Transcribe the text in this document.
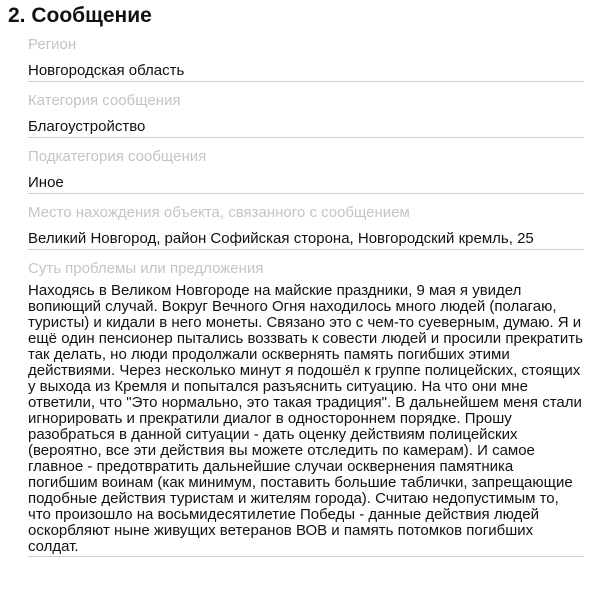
2. Сообщение
Регион
Новгородская область
Категория сообщения
Благоустройство
Подкатегория сообщения
Иное
Место нахождения объекта, связанного с сообщением
Великий Новгород, район Софийская сторона, Новгородский кремль, 25
Суть проблемы или предложения
Находясь в Великом Новгороде на майские праздники, 9 мая я увидел вопиющий случай. Вокруг Вечного Огня находилось много людей (полагаю, туристы) и кидали в него монеты. Связано это с чем-то суеверным, думаю. Я и ещё один пенсионер пытались воззвать к совести людей и просили прекратить так делать, но люди продолжали осквернять память погибших этими действиями. Через несколько минут я подошёл к группе полицейских, стоящих у выхода из Кремля и попытался разъяснить ситуацию. На что они мне ответили, что "Это нормально, это такая традиция". В дальнейшем меня стали игнорировать и прекратили диалог в одностороннем порядке. Прошу разобраться в данной ситуации - дать оценку действиям полицейских (вероятно, все эти действия вы можете отследить по камерам). И самое главное - предотвратить дальнейшие случаи осквернения памятника погибшим воинам (как минимум, поставить большие таблички, запрещающие подобные действия туристам и жителям города). Считаю недопустимым то, что произошло на восьмидесятилетие Победы - данные действия людей оскорбляют ныне живущих ветеранов ВОВ и память потомков погибших солдат.
